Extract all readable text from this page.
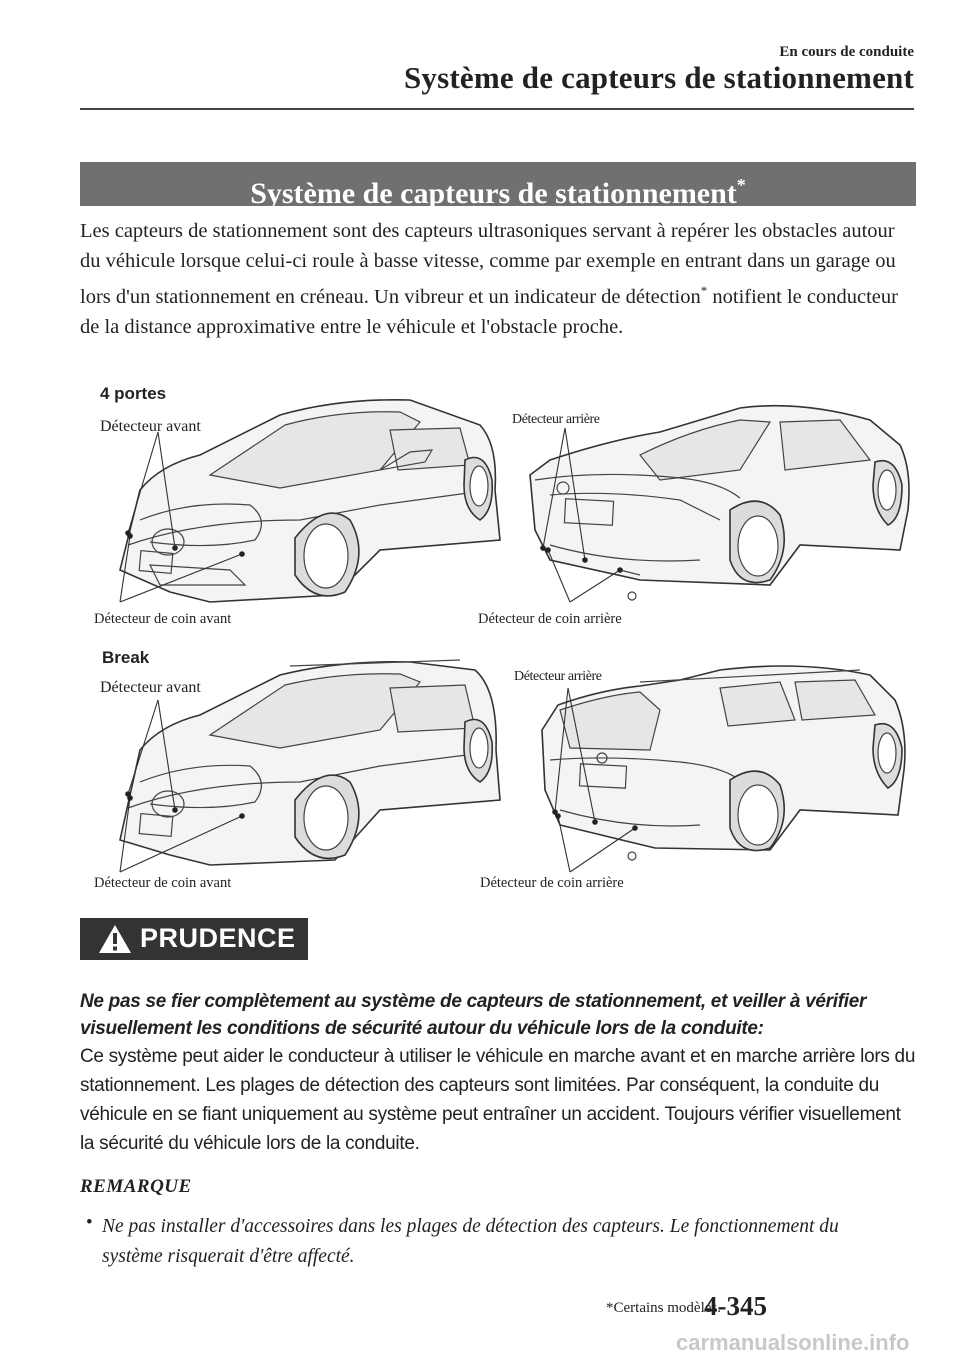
En cours de conduite
Système de capteurs de stationnement
Système de capteurs de stationnement*
Les capteurs de stationnement sont des capteurs ultrasoniques servant à repérer les obstacles autour du véhicule lorsque celui-ci roule à basse vitesse, comme par exemple en entrant dans un garage ou lors d'un stationnement en créneau. Un vibreur et un indicateur de détection* notifient le conducteur de la distance approximative entre le véhicule et l'obstacle proche.
4 portes
Détecteur avant
Détecteur de coin avant
Détecteur arrière
Détecteur de coin arrière
Break
Détecteur avant
Détecteur de coin avant
Détecteur arrière
Détecteur de coin arrière
PRUDENCE
Ne pas se fier complètement au système de capteurs de stationnement, et veiller à vérifier visuellement les conditions de sécurité autour du véhicule lors de la conduite:
Ce système peut aider le conducteur à utiliser le véhicule en marche avant et en marche arrière lors du stationnement. Les plages de détection des capteurs sont limitées. Par conséquent, la conduite du véhicule en se fiant uniquement au système peut entraîner un accident. Toujours vérifier visuellement la sécurité du véhicule lors de la conduite.
REMARQUE
• Ne pas installer d'accessoires dans les plages de détection des capteurs. Le fonctionnement du système risquerait d'être affecté.
*Certains modèles.
4-345
carmanualsonline.info
